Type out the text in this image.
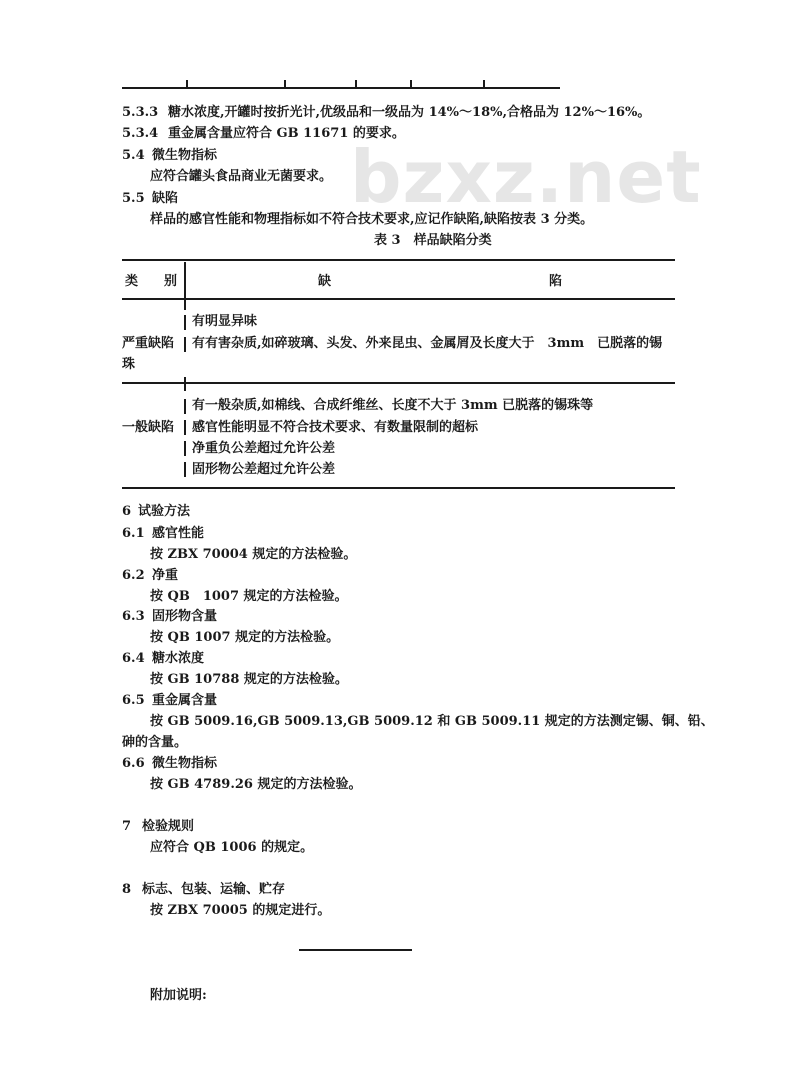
bzxz.net
5.3.3 糖水浓度,开罐时按折光计,优级品和一级品为 14%～18%,合格品为 12%～16%。
5.3.4 重金属含量应符合 GB 11671 的要求。
5.4 微生物指标
应符合罐头食品商业无菌要求。
5.5 缺陷
样品的感官性能和物理指标如不符合技术要求,应记作缺陷,缺陷按表 3 分类。
表 3　样品缺陷分类
类　　别	缺	陷
有明显异味
严重缺陷 有有害杂质,如碎玻璃、头发、外来昆虫、金属屑及长度大于　3mm　已脱落的锡
珠
有一般杂质,如棉线、合成纤维丝、长度不大于 3mm 已脱落的锡珠等
一般缺陷 感官性能明显不符合技术要求、有数量限制的超标
净重负公差超过允许公差
固形物公差超过允许公差
6 试验方法
6.1 感官性能
按 ZBX 70004 规定的方法检验。
6.2 净重
按 QB　1007 规定的方法检验。
6.3 固形物含量
按 QB 1007 规定的方法检验。
6.4 糖水浓度
按 GB 10788 规定的方法检验。
6.5 重金属含量
按 GB 5009.16,GB 5009.13,GB 5009.12 和 GB 5009.11 规定的方法测定锡、铜、铅、
砷的含量。
6.6 微生物指标
按 GB 4789.26 规定的方法检验。
7 检验规则
应符合 QB 1006 的规定。
8 标志、包装、运输、贮存
按 ZBX 70005 的规定进行。
附加说明:
